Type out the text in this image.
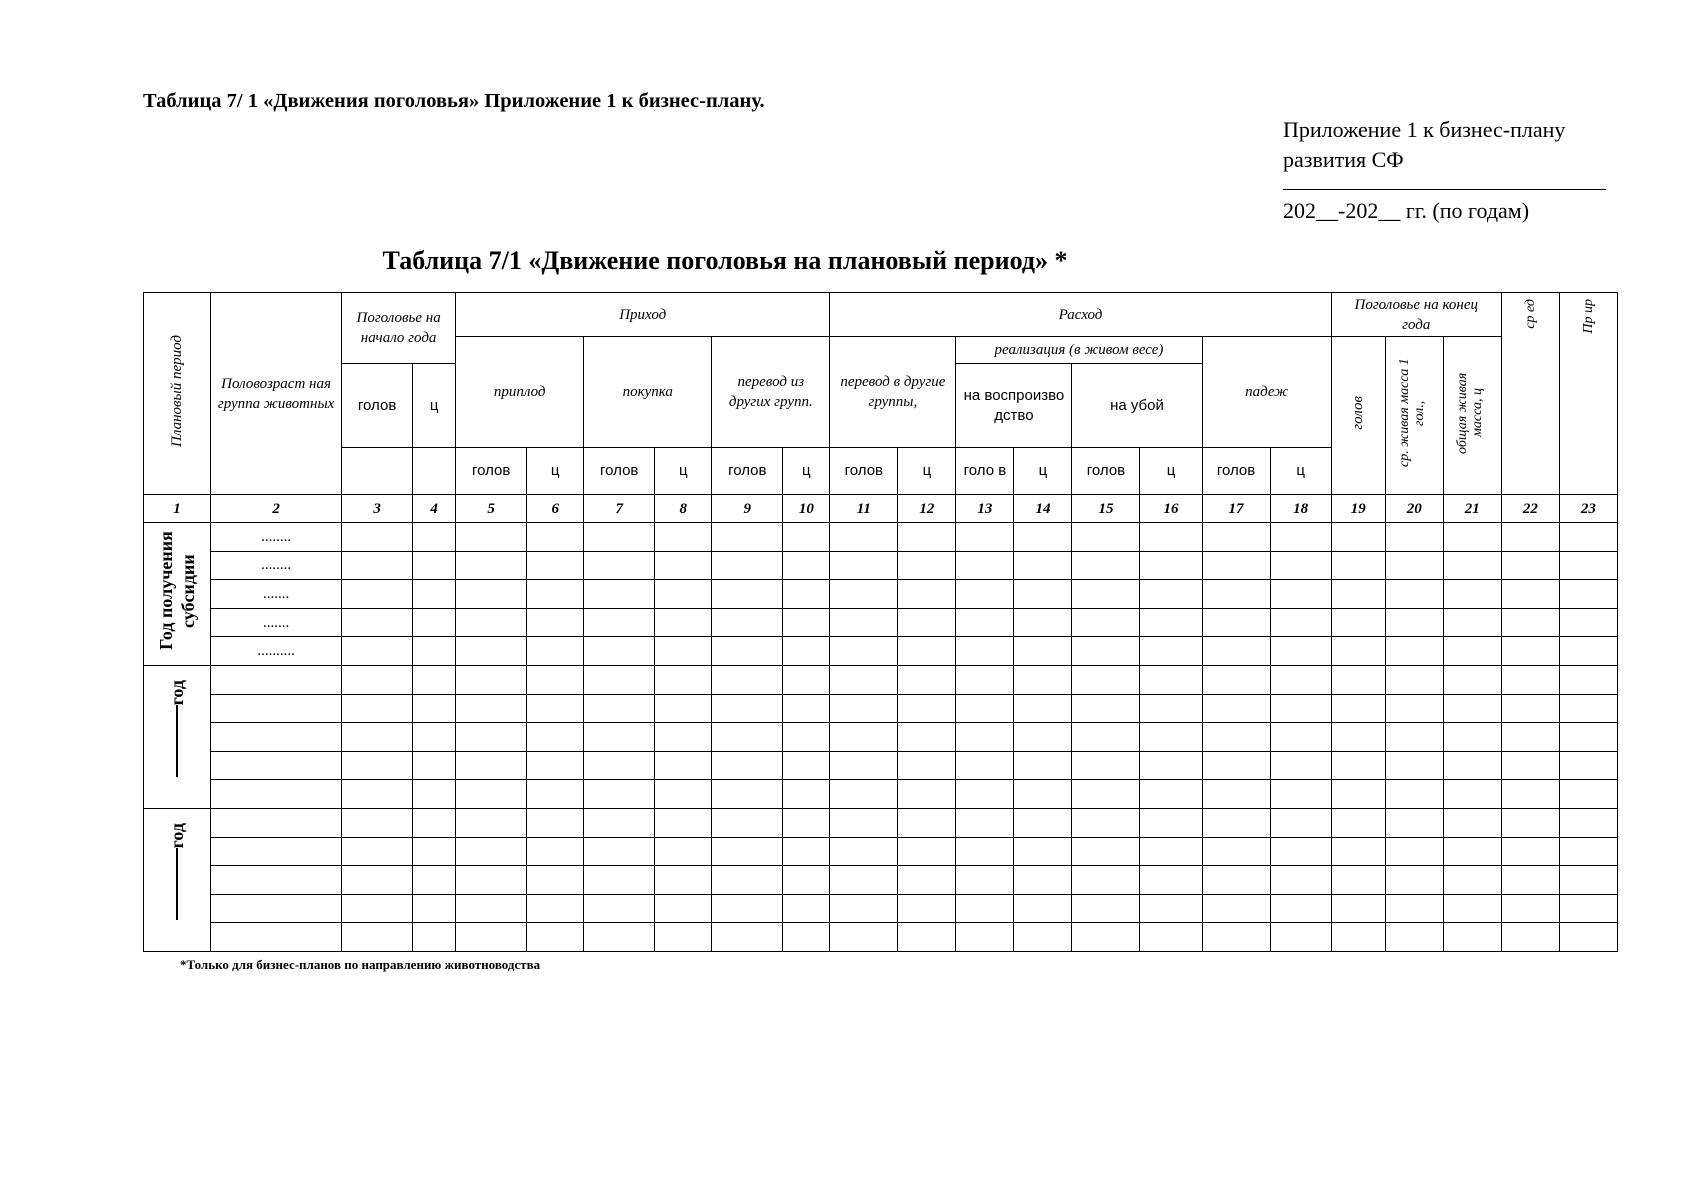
Таблица 7/ 1 «Движения поголовья» Приложение 1 к бизнес-плану.
Приложение 1 к бизнес-плану
развития СФ
202__-202__ гг. (по годам)
Таблица 7/1 «Движение поголовья на плановый период» *
Плановый период	Половозраст ная группа животных	Поголовье на начало года		Приход						Расход								Поголовье на конец года			ср ед	Пр ир
				приплод		покупка		перевод из других групп.		перевод в другие группы,		реализация (в живом весе)				падеж		голов	ср. живая масса 1 гол.,	общая живая масса, ц		
		голов	ц									на воспроизво дство		на убой								
				голов	ц	голов	ц	голов	ц	голов	ц	голо в	ц	голов	ц	голов	ц					
1	2	3	4	5	6	7	8	9	10	11	12	13	14	15	16	17	18	19	20	21	22	23
Год получения субсидии	........																					
	........																					
	.......																					
	.......																					
	..........																					

год																						

год																						

*Только для бизнес-планов по направлению животноводства
